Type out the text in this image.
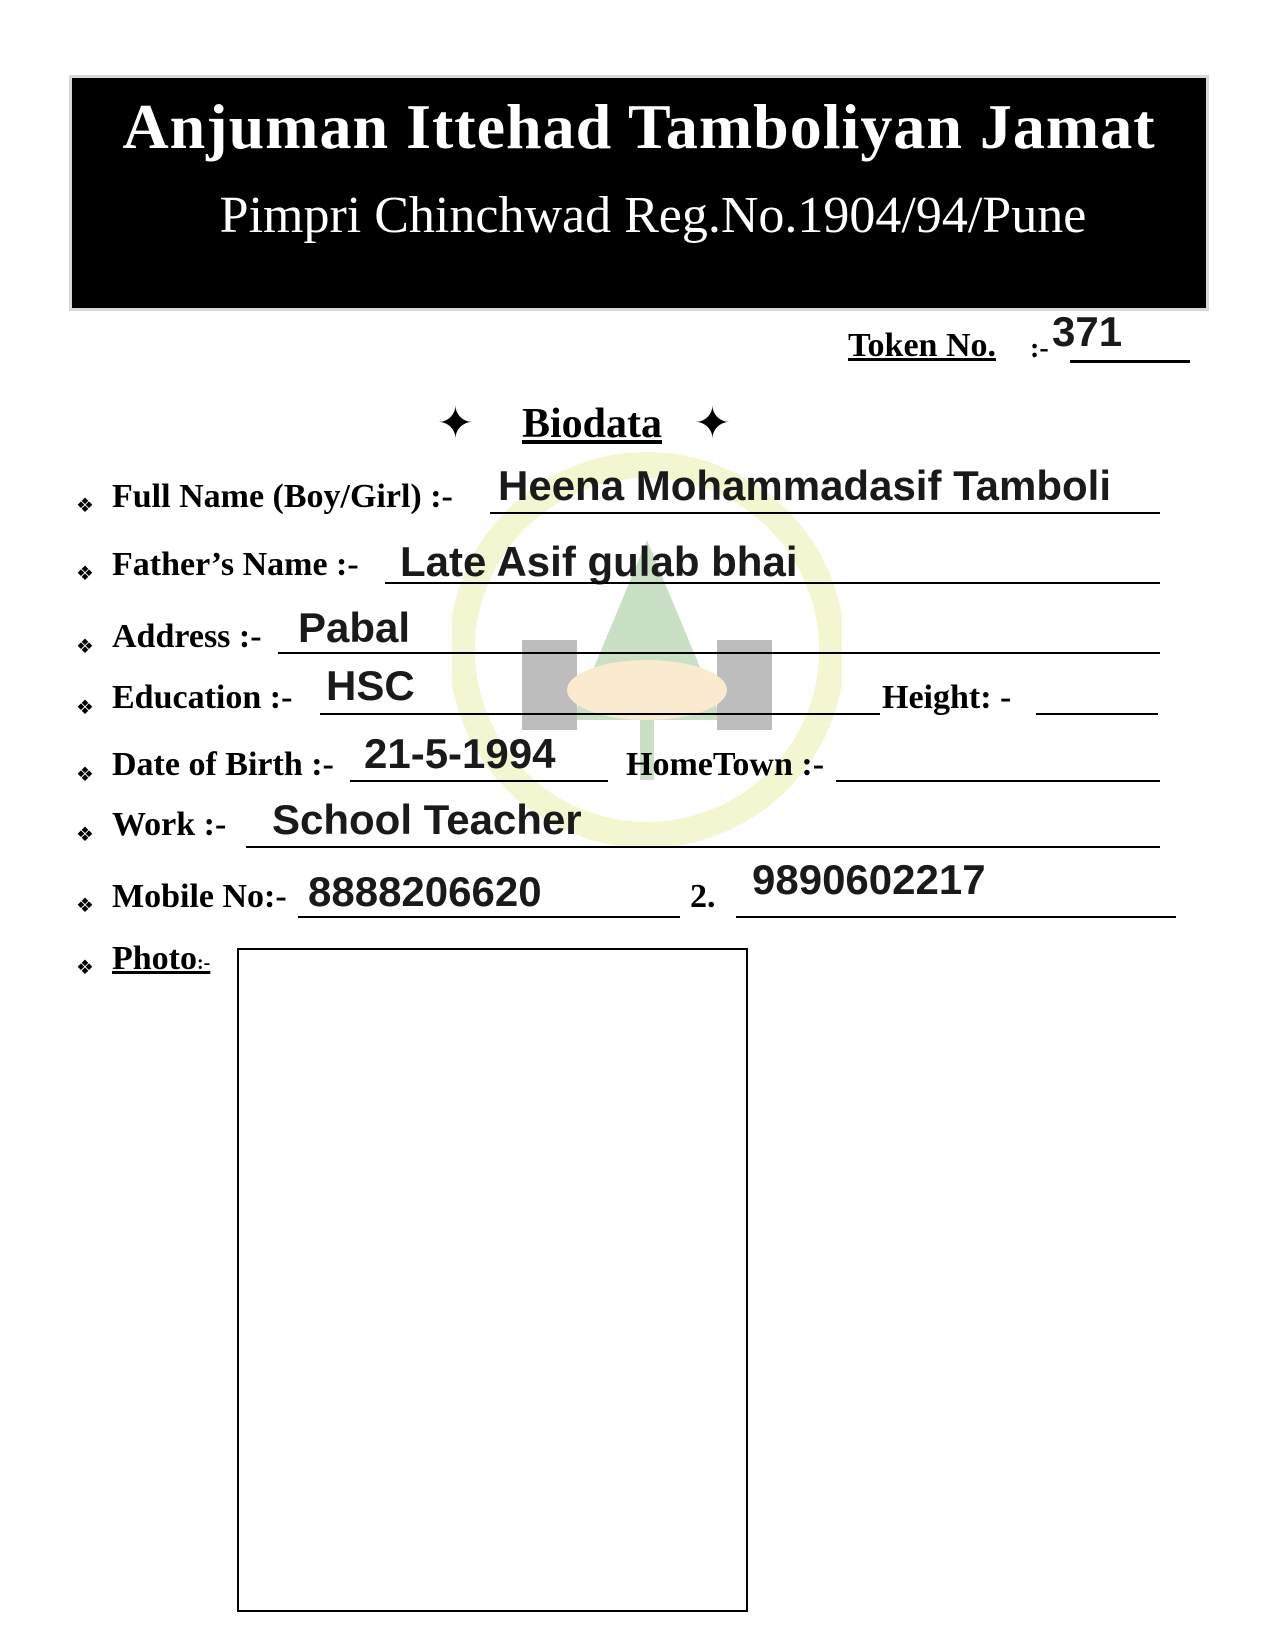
Anjuman Ittehad Tamboliyan Jamat
Pimpri Chinchwad Reg.No.1904/94/Pune
Token No. :- 371
✦ Biodata ✦
❖ Full Name (Boy/Girl) :- Heena Mohammadasif Tamboli
❖ Father’s Name :- Late Asif gulab bhai
❖ Address :- Pabal
❖ Education :- HSC	Height: -
❖ Date of Birth :- 21-5-1994 HomeTown :-
❖ Work :- School Teacher
❖ Mobile No:- 8888206620	2. 9890602217
❖ Photo:-
